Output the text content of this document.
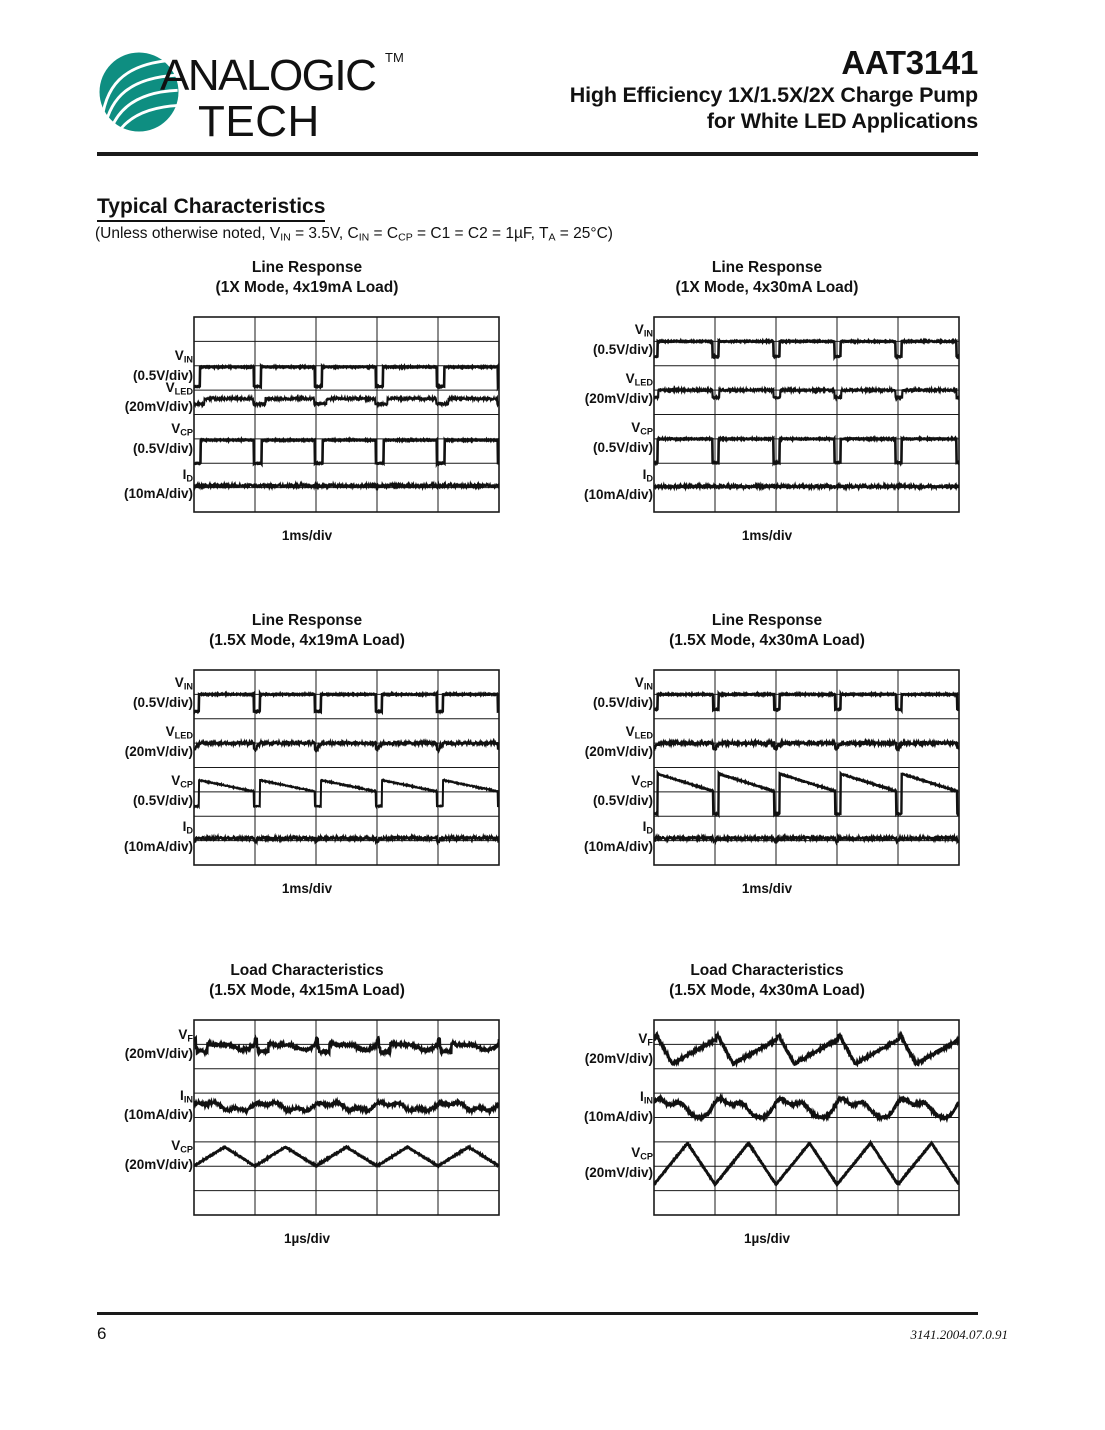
ANALOGIC TM
TECH
AAT3141
High Efficiency 1X/1.5X/2X Charge Pump
for White LED Applications
Typical Characteristics
(Unless otherwise noted, $V_{IN} = 3.5V$, $C_{IN} = C_{CP} = C1 = C2 = 1\mu F$, $T_A = 25^\circ C$)
Line Response
(1X Mode, 4x19mA Load)
$V_{IN}$
(0.5V/div)
$V_{LED}$
(20mV/div)
$V_{CP}$
(0.5V/div)
$I_D$
(10mA/div)
1ms/div
Line Response
(1X Mode, 4x30mA Load)
$V_{IN}$
(0.5V/div)
$V_{LED}$
(20mV/div)
$V_{CP}$
(0.5V/div)
$I_D$
(10mA/div)
1ms/div
Line Response
(1.5X Mode, 4x19mA Load)
$V_{IN}$
(0.5V/div)
$V_{LED}$
(20mV/div)
$V_{CP}$
(0.5V/div)
$I_D$
(10mA/div)
1ms/div
Line Response
(1.5X Mode, 4x30mA Load)
$V_{IN}$
(0.5V/div)
$V_{LED}$
(20mV/div)
$V_{CP}$
(0.5V/div)
$I_D$
(10mA/div)
1ms/div
Load Characteristics
(1.5X Mode, 4x15mA Load)
$V_F$
(20mV/div)
$I_{IN}$
(10mA/div)
$V_{CP}$
(20mV/div)
1µs/div
Load Characteristics
(1.5X Mode, 4x30mA Load)
$V_F$
(20mV/div)
$I_{IN}$
(10mA/div)
$V_{CP}$
(20mV/div)
1µs/div
6	3141.2004.07.0.91
